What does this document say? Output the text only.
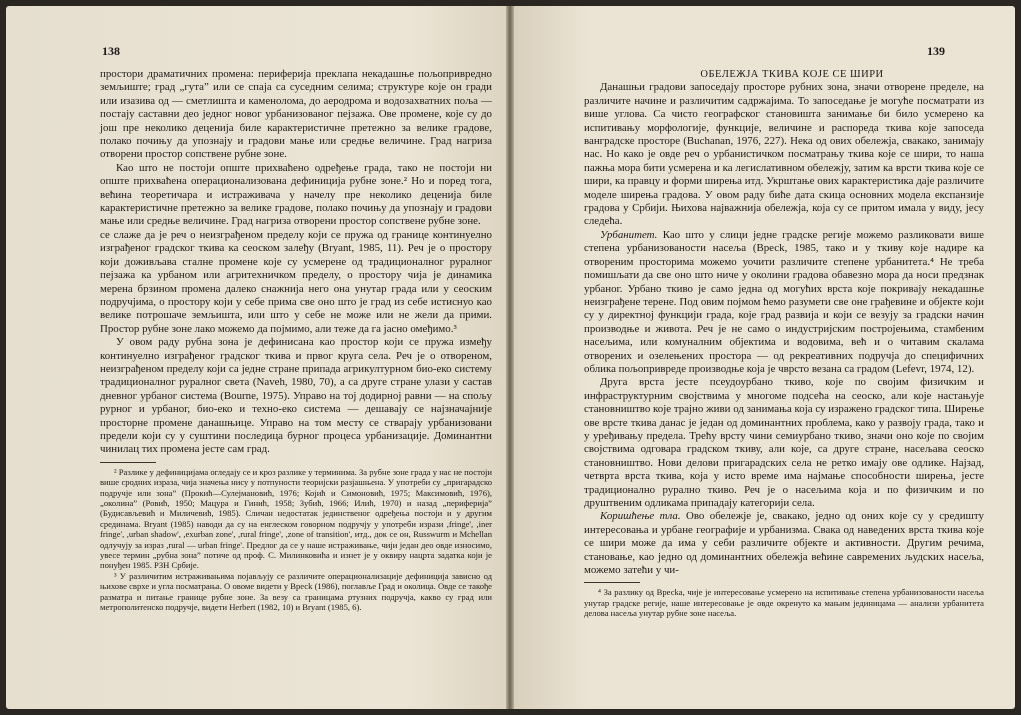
138

простори драматичних промена: периферија преклапа некадашње пољопривредно земљиште; град „гута” или се спаја са суседним селима; структуре које он гради или изазива од — сметлишта и каменолома, до аеродрома и водозахватних поља — постају саставни део једног новог урбанизованог пејзажа. Ове промене, које су до још пре неколико деценија биле карактеристичне претежно за велике градове, полако почињу да упознају и градови мање или средње величине. Град нагриза отворени простор сопствене рубне зоне.

Као што не постоји опште прихваћено одређење града, тако не постоји ни опште прихваћена операционализована дефиниција рубне зоне.² Но и поред тога, већина теоретичара и истраживача у начелу пре неколико деценија биле карактеристичне претежно за велике градове, полако почињу да упознају и градови мање или средње величине. Град нагриза отворени простор сопствене рубне зоне.

се слаже да је реч о неизграђеном пределу који се пружа од границе континуелно изграђеног градског ткива ка сеоском залеђу (Bryant, 1985, 11). Реч је о простору који доживљава сталне промене које су усмерене од традиционалног руралног пејзажа ка урбаном или агритехничком пределу, о простору чија је динамика мерена брзином промена далеко снажнија него она унутар града или у сеоским подручјима, о простору који у себе прима све оно што је град из себе истиснуо као велике потрошаче земљишта, или што у себе не може или не жели да прими. Простор рубне зоне лако можемо да појмимо, али теже да га јасно омеђимо.³

У овом раду рубна зона је дефинисана као простор који се пружа између континуелно изграђеног градског ткива и првог круга села. Реч је о отвореном, неизграђеном пределу који са једне стране припада агрикултурном био-еко систему традиционалног руралног света (Naveh, 1980, 70), а са друге стране улази у састав дневног урбаног система (Bourne, 1975). Управо на тој додирној равни — на спољу рурног и урбаног, био-еко и техно-еко система — дешавају се најзначајније просторне промене данашњице. Управо на том месту се стварају урбанизовани предели који су у суштини последица бурног процеса урбанизације. Доминантни чинилац тих промена јесте сам град.

² Разлике у дефиницијама огледају се и кроз разлике у терминима. За рубне зоне града у нас не постоји више сродних израза, чија значења нису у потпуности теоријски разјашњена. У употреби су „пригарадско подручје или зона” (Прокић—Сулејмановић, 1976; Којић и Симоновић, 1975; Максимовић, 1976), „околина” (Ровић, 1950; Мацура и Гинић, 1958; Зубић, 1966; Илић, 1970) и назад „периферија” (Будисављевић и Миличевић, 1985). Сличан недостатак јединственог одређења постоји и у другим срединама. Bryant (1985) наводи да су на енглеском говорном подручју у употреби изрази ,fringe', ,iner fringe', ,urban shadow', ,exurban zone', ,rural fringe', ,zone of transition', итд., док се он, Russwurm и Mchellan одлучују за израз ,rural — urban fringe'. Предлог да се у наше истраживање, чији један део овде износимо, увесе термин „рубна зона” потиче од проф. С. Милинковића и изнет је у оквиру нацрта задатка који је понуђен 1985. РЗН Србије.

³ У различитим истраживањима појављују се различите операционализације дефиниција зависно од њихове сврхе и угла посматрања. О овоме видети у Вресk (1986), поглавље Град и околица. Овде се такође разматра и питање границе рубне зоне. За везу са границама ртузних подручја, какво су град или метрополитенско подручје, видети Herbert (1982, 10) и Bryant (1985, 6).

139

ОБЕЛЕЖЈА ТКИВА КОЈЕ СЕ ШИРИ

Данашњи градови запоседају просторе рубних зона, значи отворене пределе, на различите начине и различитим садржајима. То запоседање је могуће посматрати из више углова. Са чисто географског становишта занимање би било усмерено ка испитивању морфологије, функције, величине и распореда ткива које запоседа ванградске просторе (Buchanan, 1976, 227). Нека од ових обележја, свакако, занимају нас. Но како је овде реч о урбанистичком посматрању ткива које се шири, то наша пажња мора бити усмерена и ка легислативном обележју, затим ка врсти ткива које се шири, ка правцу и форми ширења итд. Укрштање ових карактеристика даје различите моделе ширења градова. У овом раду биће дата скица основних модела експанзије градова у Србији. Њихова најважнија обележја, која су се притом имала у виду, јесу следећа.

Урбанитет. Као што у слици једне градске регије можемо разликовати више степена урбанизованости насеља (Вресk, 1985, тако и у ткиву које надире ка отвореним просторима можемо уочити различите степене урбанитета.⁴ Не треба помишљати да све оно што ниче у околини градова обавезно мора да носи предзнак урбаног. Урбано ткиво је само једна од могућих врста које покривају некадашње неизграђене терене. Под овим појмом ћемо разумети све оне грађевине и објекте који су у директној функцији града, које град развија и који се везују за градски начин производње и живота. Реч је не само о индустријским постројењима, стамбеним насељима, или комуналним објектима и водовима, већ и о читавим скалама отворених и озелењених простора — од рекреативних подручја до специфичних облика пољопривреде производње која је чврсто везана са градом (Lefevr, 1974, 12).

Друга врста јесте псеудоурбано ткиво, које по својим физичким и инфраструктурним својствима у многоме подсећа на сеоско, али које настањује становништво које трајно живи од занимања која су изражено градског типа. Ширење ове врсте ткива данас је један од доминантних проблема, како у развоју града, тако и у уређивању предела. Трећу врсту чини семиурбано ткиво, значи оно које по својим својствима одговара градском ткиву, али које, са друге стране, насељава сеоско становништво. Нови делови пригарадских села не ретко имају ове одлике. Најзад, четврта врста ткива, која у исто време има најмање способности ширења, јесте традиционално рурално ткиво. Реч је о насељима која и по физичким и по друштвеним одликама припадају категорији села.

Коришћење тла. Ово обележје је, свакако, једно од оних које су у средишту интересовања и урбане географије и урбанизма. Свака од наведених врста ткива које се шири може да има у себи различите објекте и активности. Другим речима, становање, као једно од доминантних обележја већине савремених људских насеља, можемо затећи у чи-

⁴ За разлику од Вресkа, чије је интересовање усмерено на испитивање степена урбанизованости насеља унутар градске регије, наше интересовање је овде окренуто ка мањим јединицама — анализи урбанитета делова насеља унутар рубне зоне насеља.
